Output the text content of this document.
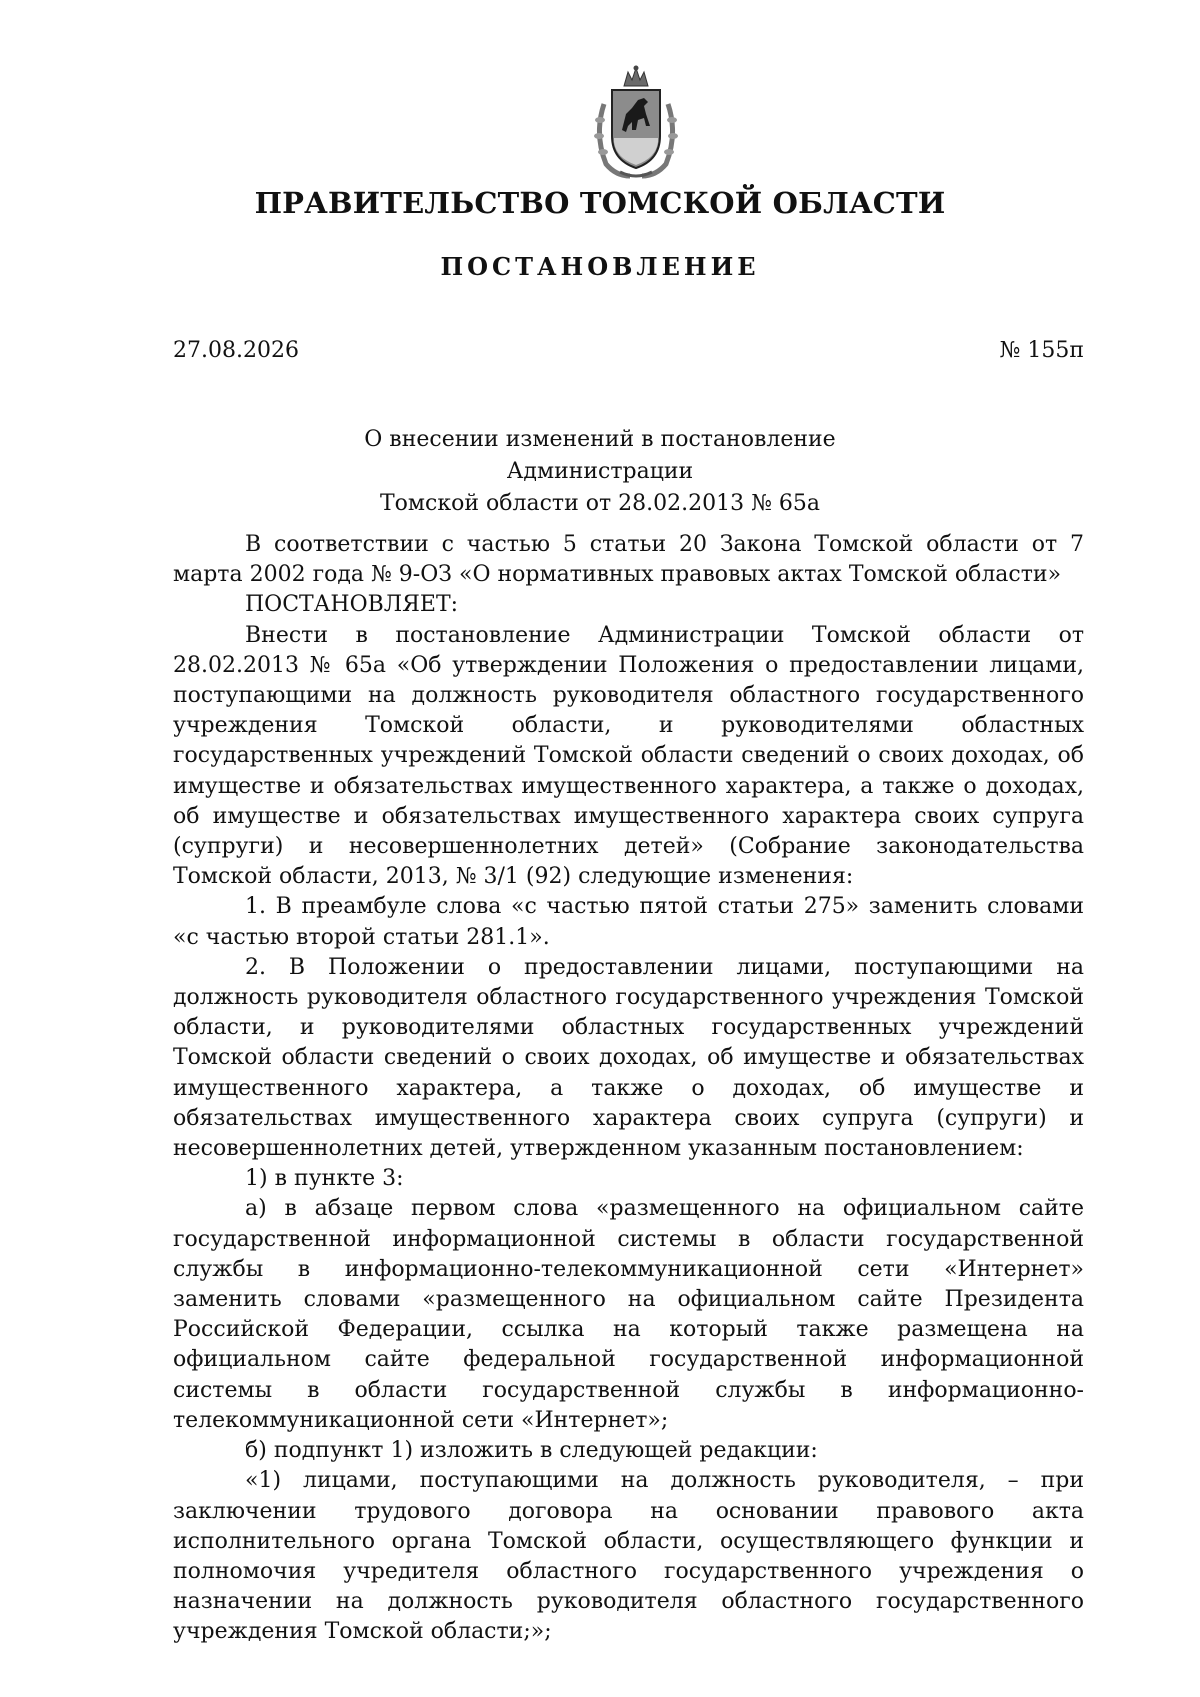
ПРАВИТЕЛЬСТВО ТОМСКОЙ ОБЛАСТИ
ПОСТАНОВЛЕНИЕ
27.08.2026	№ 155п
О внесении изменений в постановление Администрации
Томской области от 28.02.2013 № 65а

В соответствии с частью 5 статьи 20 Закона Томской области от 7 марта 2002 года № 9-ОЗ «О нормативных правовых актах Томской области»

ПОСТАНОВЛЯЕТ:

Внести в постановление Администрации Томской области от 28.02.2013 № 65а «Об утверждении Положения о предоставлении лицами, поступающими на должность руководителя областного государственного учреждения Томской области, и руководителями областных государственных учреждений Томской области сведений о своих доходах, об имуществе и обязательствах имущественного характера, а также о доходах, об имуществе и обязательствах имущественного характера своих супруга (супруги) и несовершеннолетних детей» (Собрание законодательства Томской области, 2013, № 3/1 (92) следующие изменения:

1. В преамбуле слова «с частью пятой статьи 275» заменить словами «с частью второй статьи 281.1».

2. В Положении о предоставлении лицами, поступающими на должность руководителя областного государственного учреждения Томской области, и руководителями областных государственных учреждений Томской области сведений о своих доходах, об имуществе и обязательствах имущественного характера, а также о доходах, об имуществе и обязательствах имущественного характера своих супруга (супруги) и несовершеннолетних детей, утвержденном указанным постановлением:

1) в пункте 3:

а) в абзаце первом слова «размещенного на официальном сайте государственной информационной системы в области государственной службы в информационно-телекоммуникационной сети «Интернет» заменить словами «размещенного на официальном сайте Президента Российской Федерации, ссылка на который также размещена на официальном сайте федеральной государственной информационной системы в области государственной службы в информационно-телекоммуникационной сети «Интернет»;

б) подпункт 1) изложить в следующей редакции:

«1) лицами, поступающими на должность руководителя, – при заключении трудового договора на основании правового акта исполнительного органа Томской области, осуществляющего функции и полномочия учредителя областного государственного учреждения о назначении на должность руководителя областного государственного учреждения Томской области;»;
